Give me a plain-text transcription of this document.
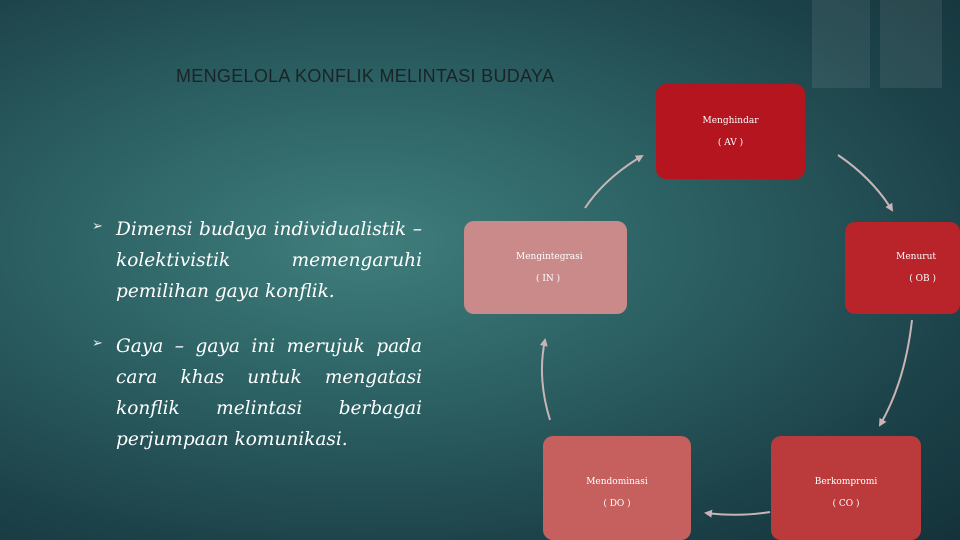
MENGELOLA KONFLIK MELINTASI BUDAYA
➢ Dimensi budaya individualistik – kolektivistik memengaruhi pemilihan gaya konflik.
➢ Gaya – gaya ini merujuk pada cara khas untuk mengatasi konflik melintasi berbagai perjumpaan komunikasi.
Menghindar
( AV )
Menurut
( OB )
Berkompromi
( CO )
Mendominasi
( DO )
Mengintegrasi
( IN )
